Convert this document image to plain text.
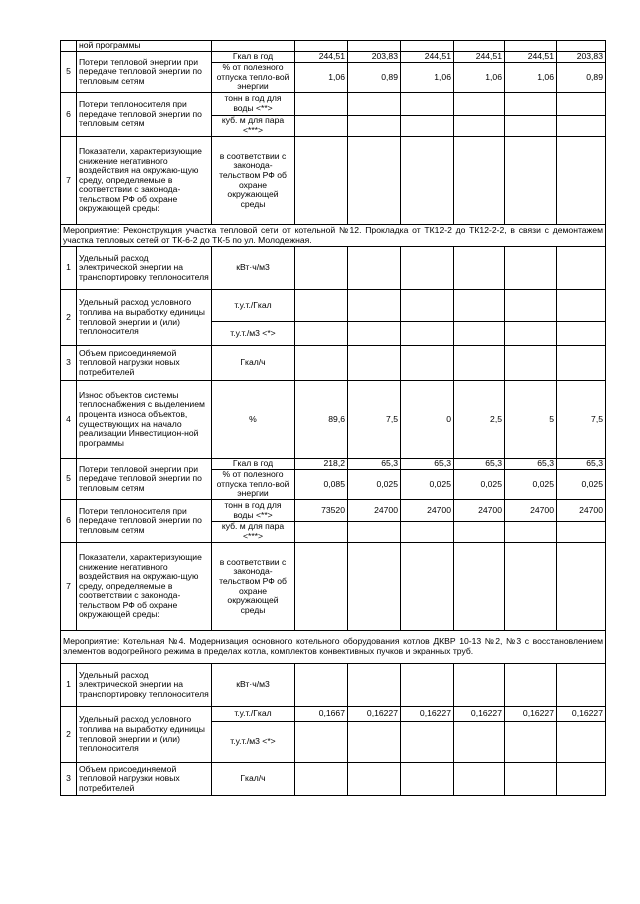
	ной программы							
5	Потери тепловой энергии при передаче тепловой энергии по тепловым сетям	Гкал в год	244,51	203,83	244,51	244,51	244,51	203,83
		% от полезного отпуска тепло-вой энергии	1,06	0,89	1,06	1,06	1,06	0,89
6	Потери теплоносителя при передаче тепловой энергии по тепловым сетям	тонн в год для воды <**>						
		куб. м для пара <***>						
7	Показатели, характеризующие снижение негативного воздействия на окружаю-щую среду, определяемые в соответствии с законода-тельством РФ об охране окружающей среды:	в соответствии с законода-тельством РФ об охране окружающей среды						
Мероприятие: Реконструкция участка тепловой сети от котельной №12. Прокладка от ТК12-2 до ТК12-2-2, в связи с демонтажем участка тепловых сетей от ТК-6-2 до ТК-5 по ул. Молодежная.								
1	Удельный расход электрической энергии на транспортировку теплоносителя	кВт·ч/м3						
2	Удельный расход условного топлива на выработку единицы тепловой энергии и (или) теплоносителя	т.у.т./Гкал						
		т.у.т./м3 <*>						
3	Объем присоединяемой тепловой нагрузки новых потребителей	Гкал/ч						
4	Износ объектов системы теплоснабжения с выделением процента износа объектов, существующих на начало реализации Инвестицион-ной программы	%	89,6	7,5	0	2,5	5	7,5
5	Потери тепловой энергии при передаче тепловой энергии по тепловым сетям	Гкал в год	218,2	65,3	65,3	65,3	65,3	65,3
		% от полезного отпуска тепло-вой энергии	0,085	0,025	0,025	0,025	0,025	0,025
6	Потери теплоносителя при передаче тепловой энергии по тепловым сетям	тонн в год для воды <**>	73520	24700	24700	24700	24700	24700
		куб. м для пара <***>						
7	Показатели, характеризующие снижение негативного воздействия на окружаю-щую среду, определяемые в соответствии с законода-тельством РФ об охране окружающей среды:	в соответствии с законода-тельством РФ об охране окружающей среды						
Мероприятие: Котельная №4. Модернизация основного котельного оборудования котлов ДКВР 10-13 №2, №3 с восстановлением элементов водогрейного режима в пределах котла, комплектов конвективных пучков и экранных труб.								
1	Удельный расход электрической энергии на транспортировку теплоносителя	кВт·ч/м3						
2	Удельный расход условного топлива на выработку единицы тепловой энергии и (или) теплоносителя	т.у.т./Гкал	0,1667	0,16227	0,16227	0,16227	0,16227	0,16227
		т.у.т./м3 <*>						
3	Объем присоединяемой тепловой нагрузки новых потребителей	Гкал/ч						
